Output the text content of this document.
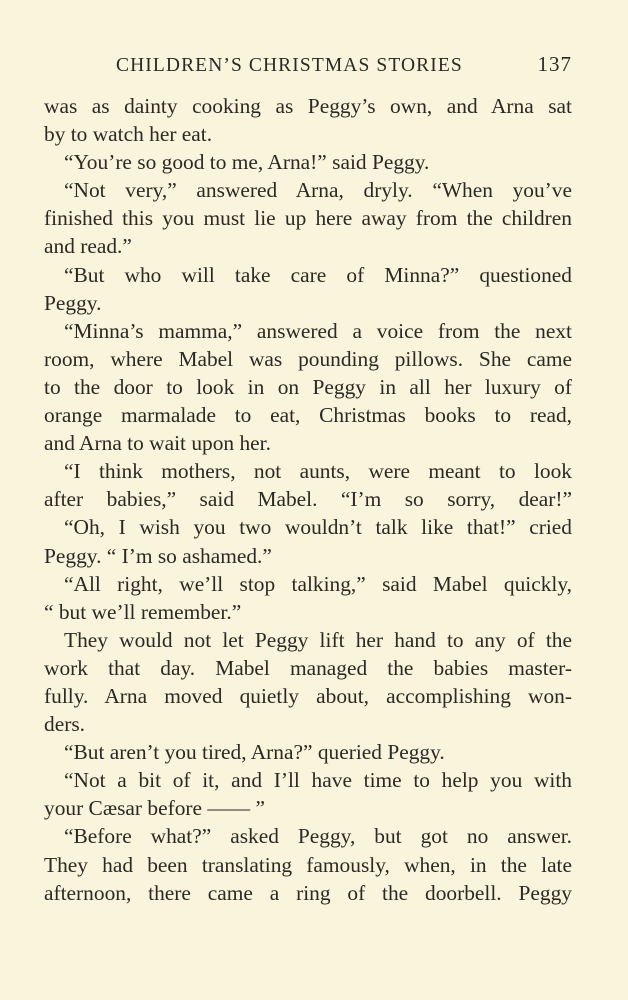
CHILDREN’S CHRISTMAS STORIES	137
was as dainty cooking as Peggy’s own, and Arna sat
by to watch her eat.
“You’re so good to me, Arna!” said Peggy.
“Not very,” answered Arna, dryly. “When you’ve
finished this you must lie up here away from the children
and read.”
“But who will take care of Minna?” questioned
Peggy.
“Minna’s mamma,” answered a voice from the next
room, where Mabel was pounding pillows. She came
to the door to look in on Peggy in all her luxury of
orange marmalade to eat, Christmas books to read,
and Arna to wait upon her.
“I think mothers, not aunts, were meant to look
after babies,” said Mabel. “I’m so sorry, dear!”
“Oh, I wish you two wouldn’t talk like that!” cried
Peggy. “ I’m so ashamed.”
“All right, we’ll stop talking,” said Mabel quickly,
“ but we’ll remember.”
They would not let Peggy lift her hand to any of the
work that day. Mabel managed the babies master-
fully. Arna moved quietly about, accomplishing won-
ders.
“But aren’t you tired, Arna?” queried Peggy.
“Not a bit of it, and I’ll have time to help you with
your Cæsar before —— ”
“Before what?” asked Peggy, but got no answer.
They had been translating famously, when, in the late
afternoon, there came a ring of the doorbell. Peggy
